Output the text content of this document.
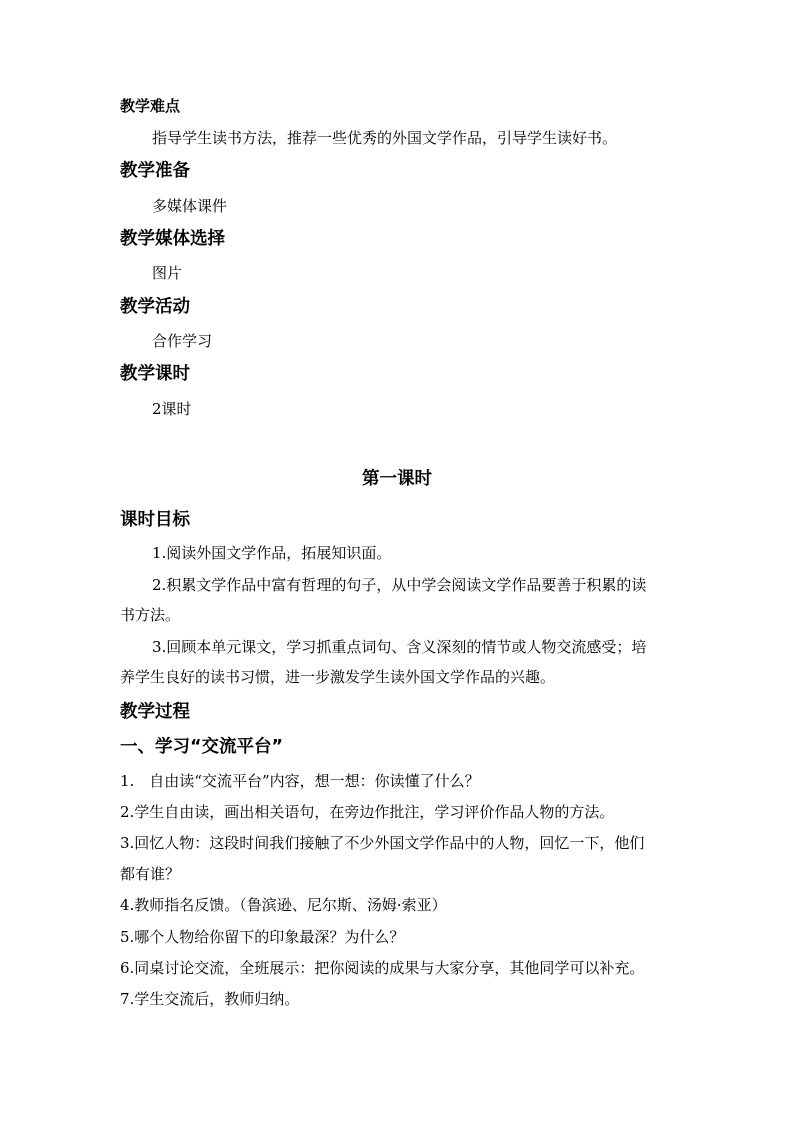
教学难点
指导学生读书方法，推荐一些优秀的外国文学作品，引导学生读好书。
教学准备
多媒体课件
教学媒体选择
图片
教学活动
合作学习
教学课时
2课时
第一课时
课时目标
1.阅读外国文学作品，拓展知识面。
2.积累文学作品中富有哲理的句子，从中学会阅读文学作品要善于积累的读
书方法。
3.回顾本单元课文，学习抓重点词句、含义深刻的情节或人物交流感受；培
养学生良好的读书习惯，进一步激发学生读外国文学作品的兴趣。
教学过程
一、学习“交流平台”
1.　自由读“交流平台”内容，想一想：你读懂了什么？
2.学生自由读，画出相关语句，在旁边作批注，学习评价作品人物的方法。
3.回忆人物：这段时间我们接触了不少外国文学作品中的人物，回忆一下，他们
都有谁？
4.教师指名反馈。（鲁滨逊、尼尔斯、汤姆·索亚）
5.哪个人物给你留下的印象最深？为什么？
6.同桌讨论交流，全班展示：把你阅读的成果与大家分享，其他同学可以补充。
7.学生交流后，教师归纳。
